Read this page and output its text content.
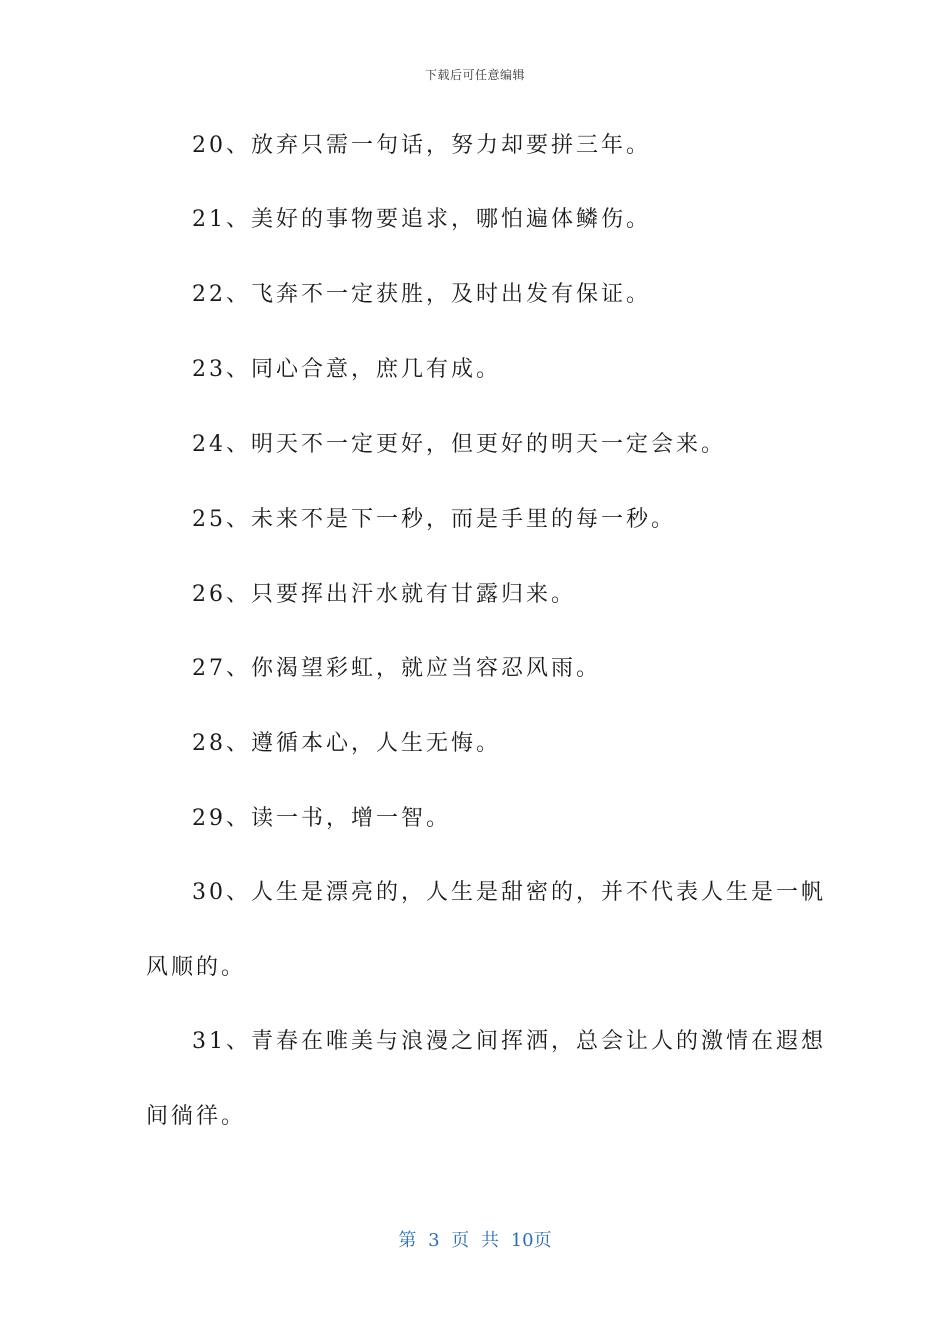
下载后可任意编辑
20、放弃只需一句话，努力却要拼三年。
21、美好的事物要追求，哪怕遍体鳞伤。
22、飞奔不一定获胜，及时出发有保证。
23、同心合意，庶几有成。
24、明天不一定更好，但更好的明天一定会来。
25、未来不是下一秒，而是手里的每一秒。
26、只要挥出汗水就有甘露归来。
27、你渴望彩虹，就应当容忍风雨。
28、遵循本心，人生无悔。
29、读一书，增一智。
30、人生是漂亮的，人生是甜密的，并不代表人生是一帆
风顺的。
31、青春在唯美与浪漫之间挥洒，总会让人的激情在遐想
间徜徉。
第 3 页 共 10页
